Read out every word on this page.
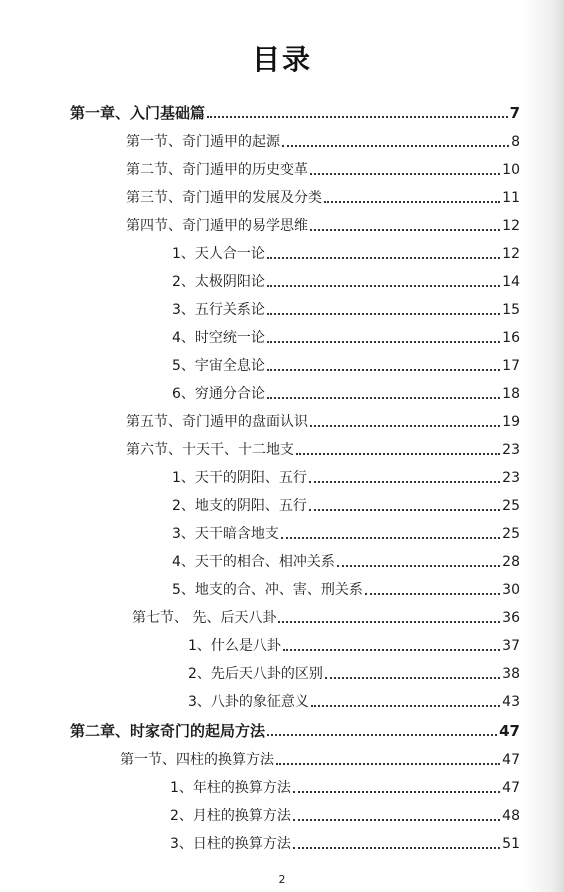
目录
第一章、入门基础篇	7
第一节、奇门遁甲的起源	8
第二节、奇门遁甲的历史变革	10
第三节、奇门遁甲的发展及分类	11
第四节、奇门遁甲的易学思维	12
1、天人合一论	12
2、太极阴阳论	14
3、五行关系论	15
4、时空统一论	16
5、宇宙全息论	17
6、穷通分合论	18
第五节、奇门遁甲的盘面认识	19
第六节、十天干、十二地支	23
1、天干的阴阳、五行	23
2、地支的阴阳、五行	25
3、天干暗含地支	25
4、天干的相合、相冲关系	28
5、地支的合、冲、害、刑关系	30
第七节、 先、后天八卦	36
1、什么是八卦	37
2、先后天八卦的区别	38
3、八卦的象征意义	43
第二章、时家奇门的起局方法	47
第一节、四柱的换算方法	47
1、年柱的换算方法	47
2、月柱的换算方法	48
3、日柱的换算方法	51
2
